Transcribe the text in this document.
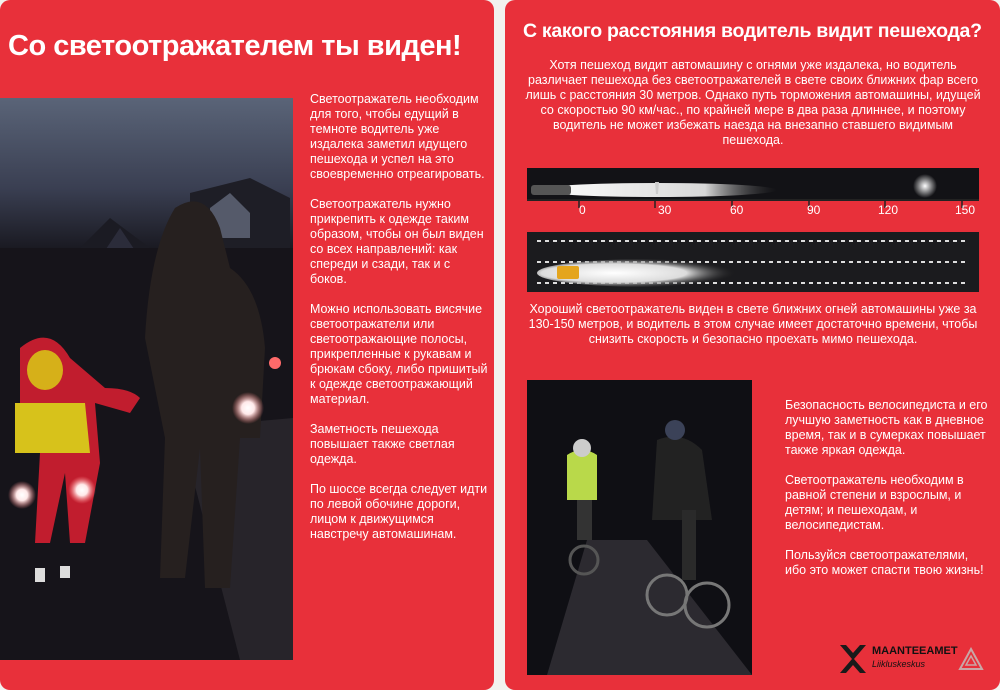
Со светоотражателем ты виден!

Светоотражатель необходим для того, чтобы едущий в темноте водитель уже издалека заметил идущего пешехода и успел на это своевременно отреагировать.

Светоотражатель нужно прикрепить к одежде таким образом, чтобы он был виден со всех направлений: как спереди и сзади, так и с боков.

Можно использовать висячие светоотражатели или светоотражающие полосы, прикрепленные к рукавам и брюкам сбоку, либо пришитый к одежде светоотражающий материал.

Заметность пешехода повышает также светлая одежда.

По шоссе всегда следует идти по левой обочине дороги, лицом к движущимся навстречу автомашинам.

С какого расстояния водитель видит пешехода?
Хотя пешеход видит автомашину с огнями уже издалека, но водитель различает пешехода без светоотражателей в свете своих ближних фар всего лишь с расстояния 30 метров. Однако путь торможения автомашины, идущей со скоростью 90 км/час., по крайней мере в два раза длиннее, и поэтому водитель не может избежать наезда на внезапно ставшего видимым пешехода.
0	30	60	90	120	150
Хороший светоотражатель виден в свете ближних огней автомашины уже за 130-150 метров, и водитель в этом случае имеет достаточно времени, чтобы снизить скорость и безопасно проехать мимо пешехода.

Безопасность велосипедиста и его лучшую заметность как в дневное время, так и в сумерках повышает также яркая одежда.

Светоотражатель необходим в равной степени и взрослым, и детям; и пешеходам, и велосипедистам.

Пользуйся светоотражателями, ибо это может спасти твою жизнь!

MAANTEEAMET
Liikluskeskus
